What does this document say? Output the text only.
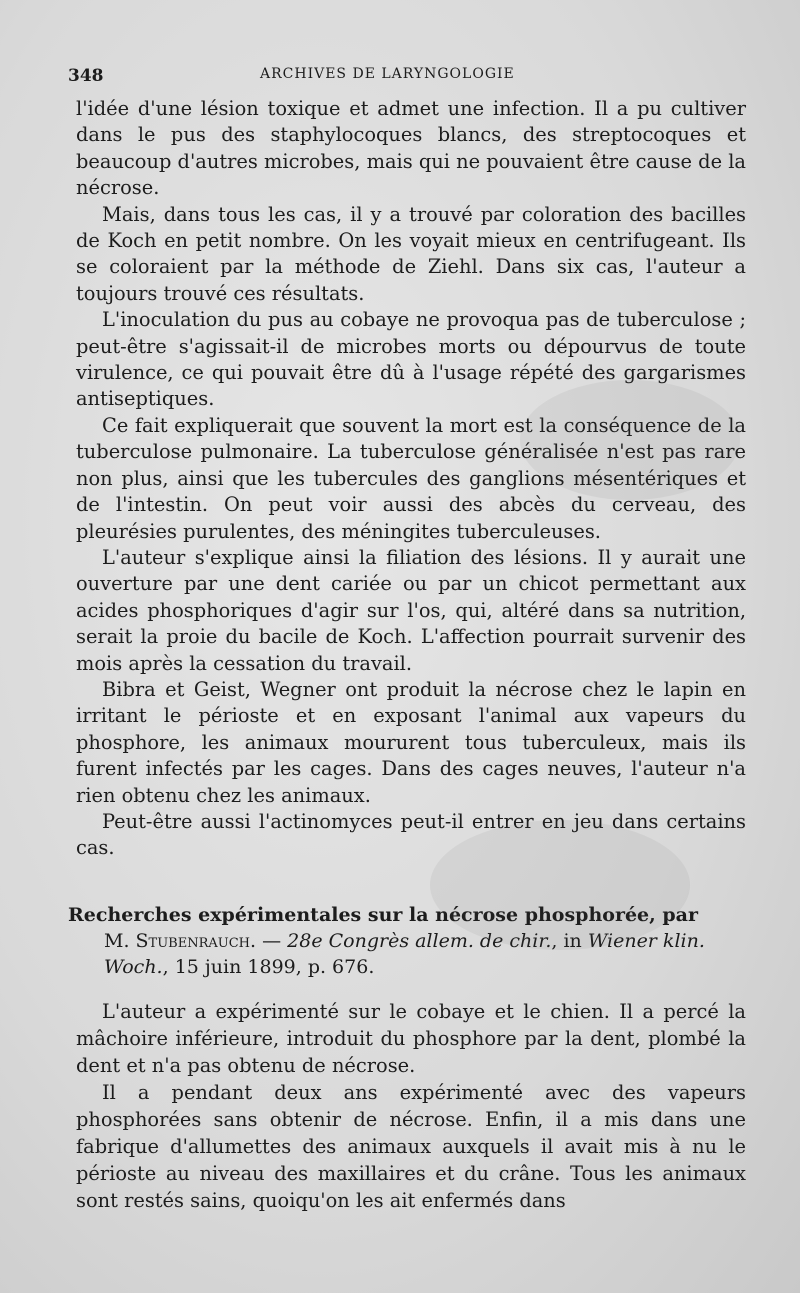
348	ARCHIVES DE LARYNGOLOGIE

l'idée d'une lésion toxique et admet une infection. Il a pu cultiver dans le pus des staphylocoques blancs, des streptocoques et beaucoup d'autres microbes, mais qui ne pouvaient être cause de la nécrose.

Mais, dans tous les cas, il y a trouvé par coloration des bacilles de Koch en petit nombre. On les voyait mieux en centrifugeant. Ils se coloraient par la méthode de Ziehl. Dans six cas, l'auteur a toujours trouvé ces résultats.

L'inoculation du pus au cobaye ne provoqua pas de tuberculose ; peut-être s'agissait-il de microbes morts ou dépourvus de toute virulence, ce qui pouvait être dû à l'usage répété des gargarismes antiseptiques.

Ce fait expliquerait que souvent la mort est la conséquence de la tuberculose pulmonaire. La tuberculose généralisée n'est pas rare non plus, ainsi que les tubercules des ganglions mésentériques et de l'intestin. On peut voir aussi des abcès du cerveau, des pleurésies purulentes, des méningites tuberculeuses.

L'auteur s'explique ainsi la filiation des lésions. Il y aurait une ouverture par une dent cariée ou par un chicot permettant aux acides phosphoriques d'agir sur l'os, qui, altéré dans sa nutrition, serait la proie du bacile de Koch. L'affection pourrait survenir des mois après la cessation du travail.

Bibra et Geist, Wegner ont produit la nécrose chez le lapin en irritant le périoste et en exposant l'animal aux vapeurs du phosphore, les animaux moururent tous tuberculeux, mais ils furent infectés par les cages. Dans des cages neuves, l'auteur n'a rien obtenu chez les animaux.

Peut-être aussi l'actinomyces peut-il entrer en jeu dans certains cas.

Recherches expérimentales sur la nécrose phosphorée, par
M. Stubenrauch. — 28e Congrès allem. de chir., in Wiener klin. Woch., 15 juin 1899, p. 676.

L'auteur a expérimenté sur le cobaye et le chien. Il a percé la mâchoire inférieure, introduit du phosphore par la dent, plombé la dent et n'a pas obtenu de nécrose.

Il a pendant deux ans expérimenté avec des vapeurs phosphorées sans obtenir de nécrose. Enfin, il a mis dans une fabrique d'allumettes des animaux auxquels il avait mis à nu le périoste au niveau des maxillaires et du crâne. Tous les animaux sont restés sains, quoiqu'on les ait enfermés dans
